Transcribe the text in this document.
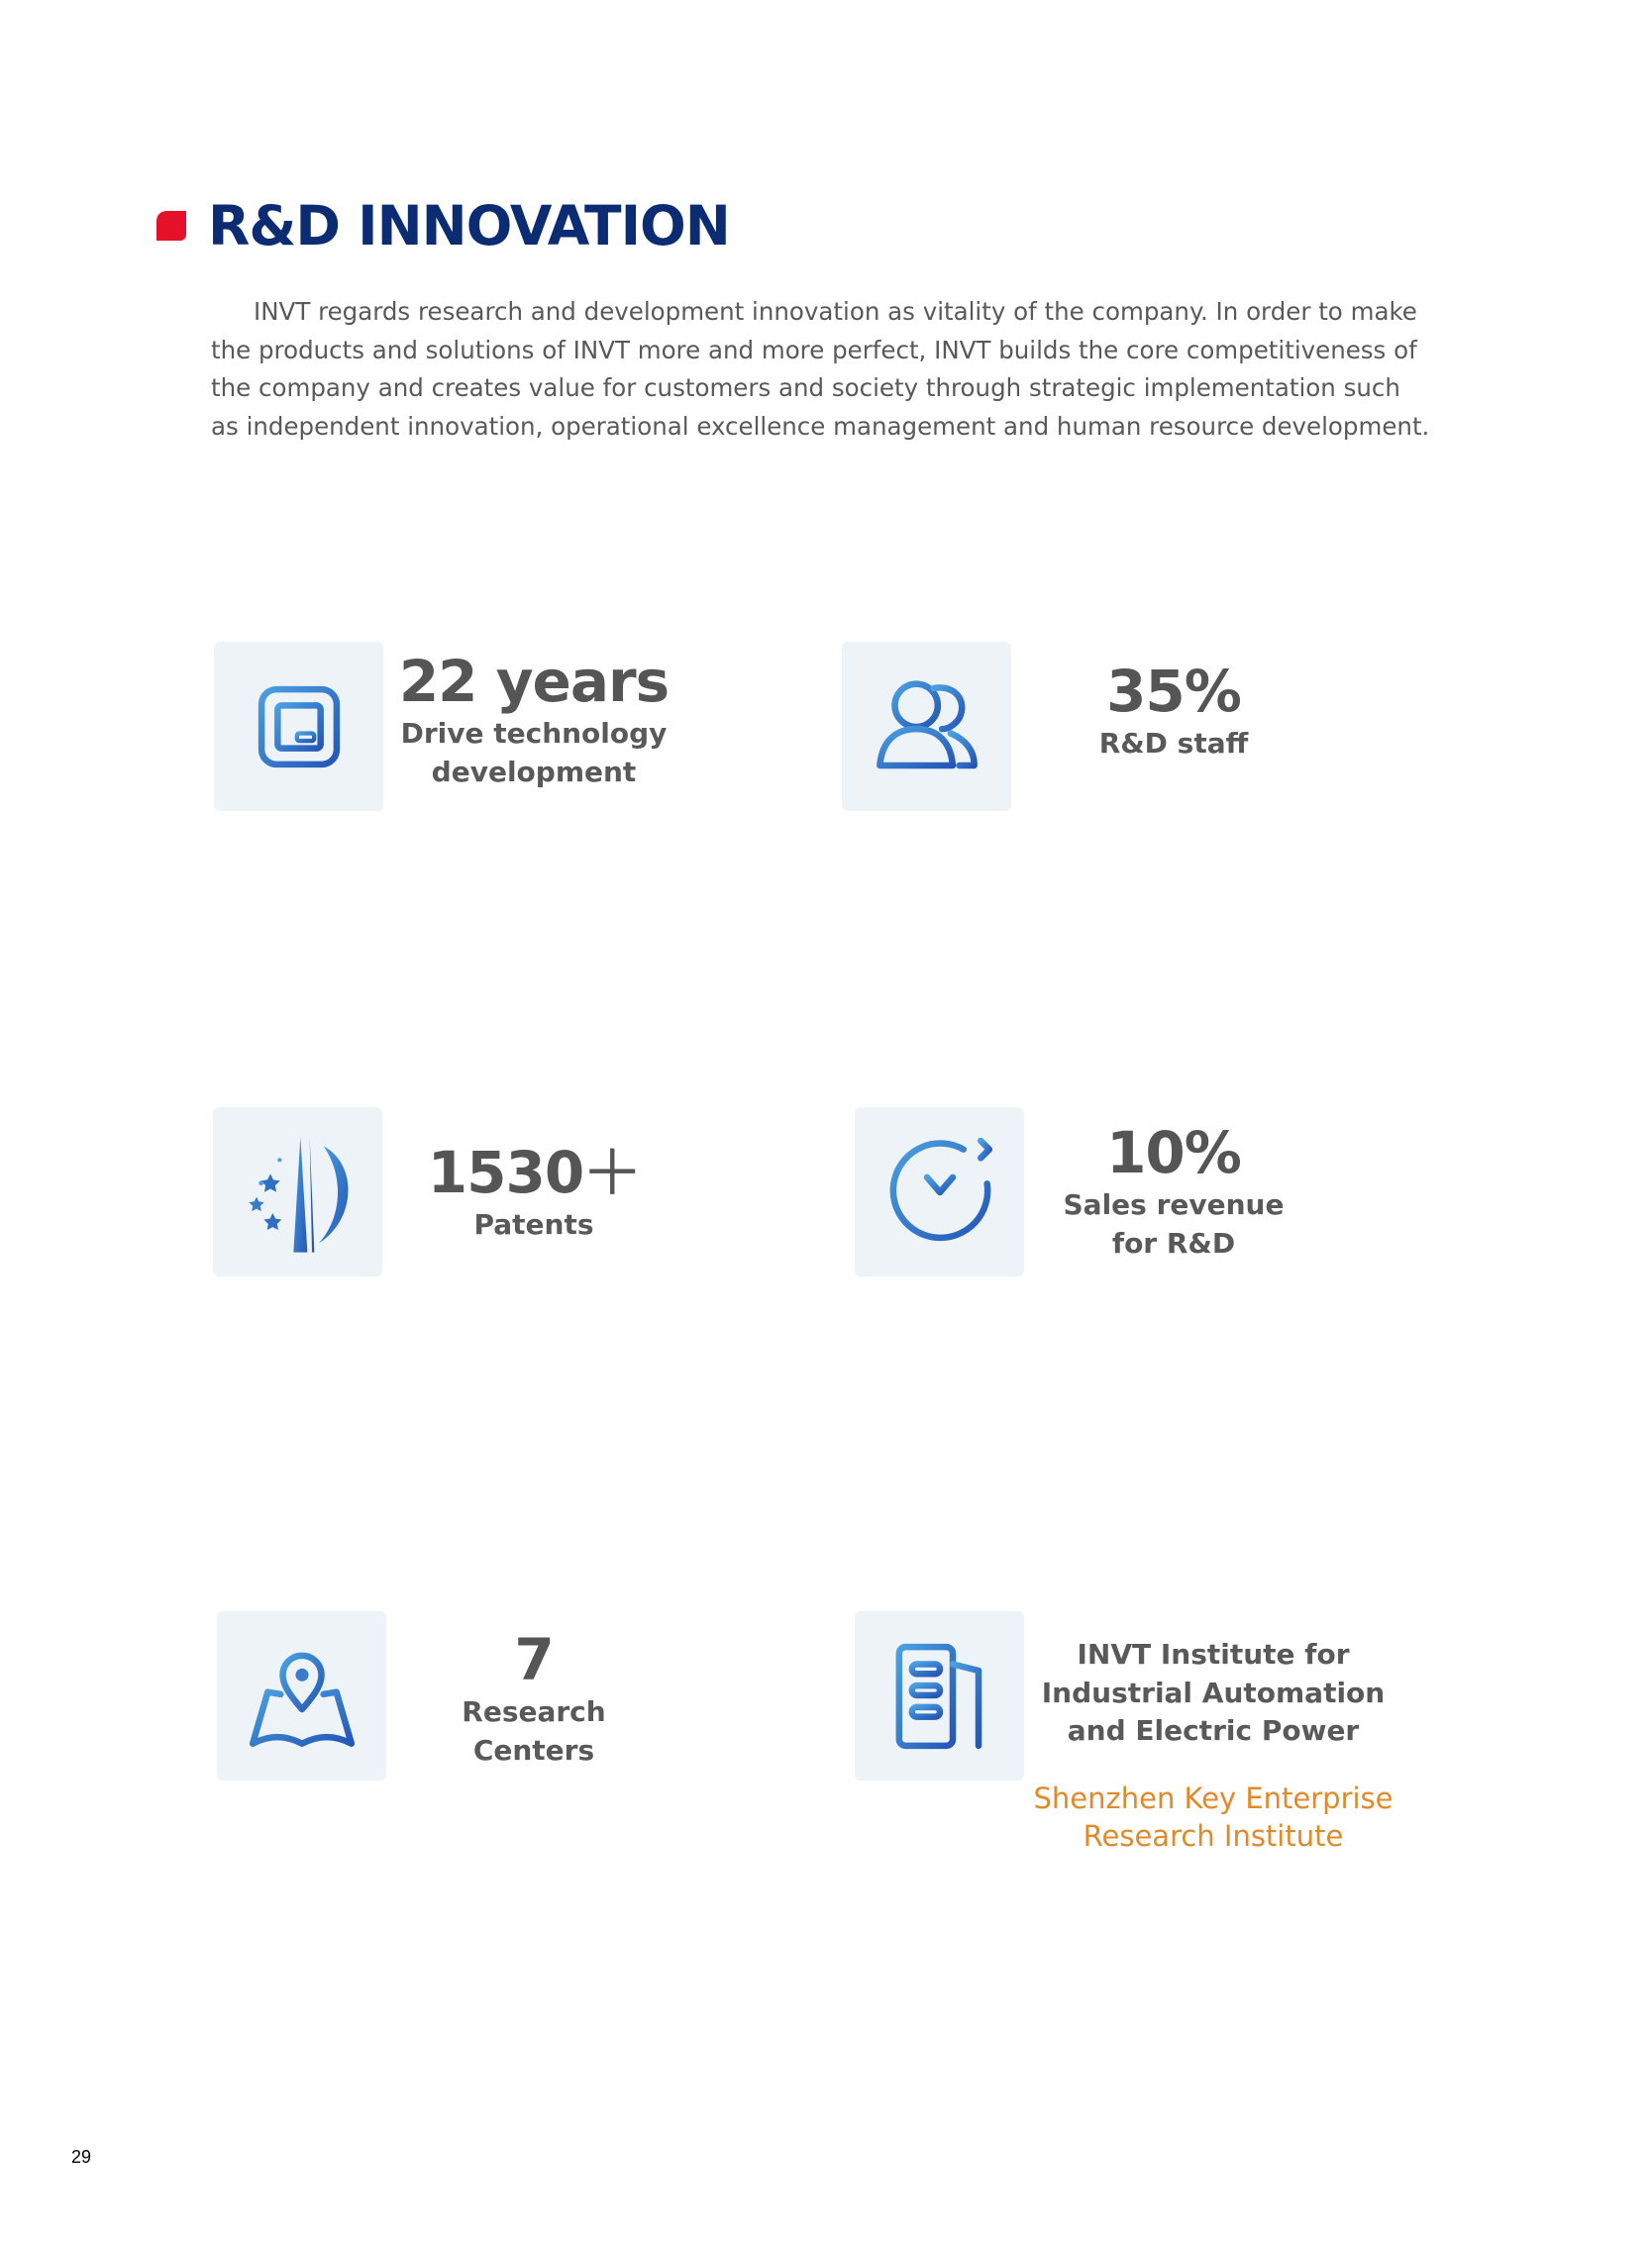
R&D INNOVATION

INVT regards research and development innovation as vitality of the company. In order to make the products and solutions of INVT more and more perfect, INVT builds the core competitiveness of the company and creates value for customers and society through strategic implementation such as independent innovation, operational excellence management and human resource development.

22 years
Drive technology
development
35%
R&D staff
1530＋
Patents
10%
Sales revenue
for R&D
7
Research
Centers
INVT Institute for
Industrial Automation
and Electric Power
Shenzhen Key Enterprise
Research Institute
29
